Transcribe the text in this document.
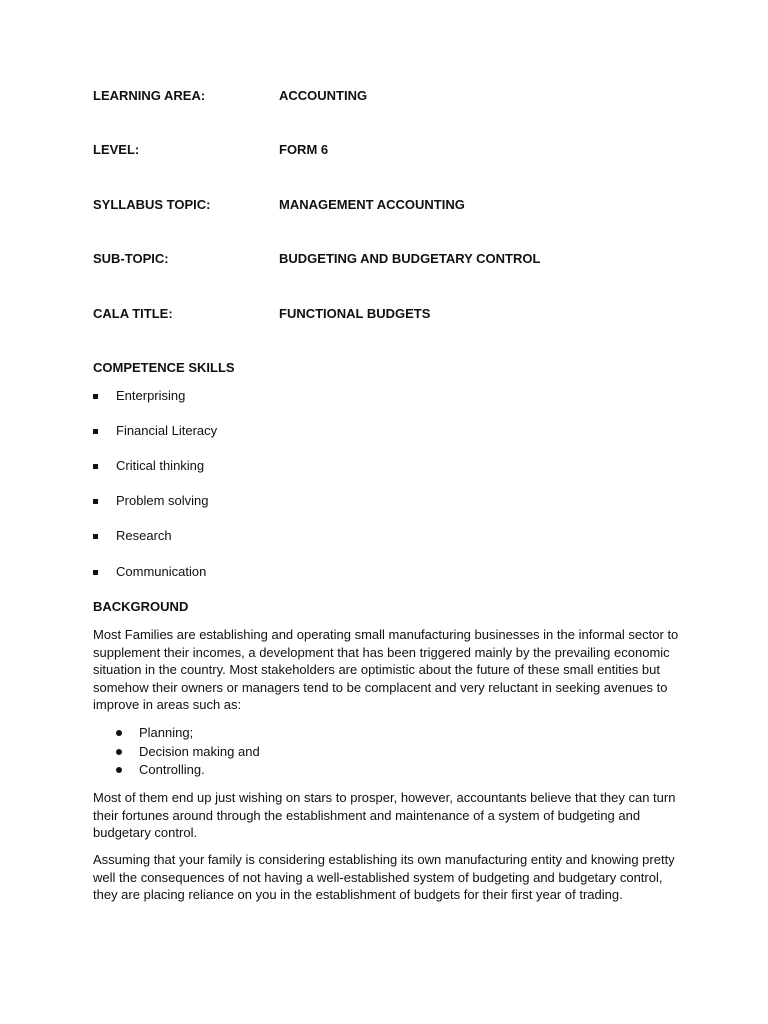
LEARNING AREA:	ACCOUNTING
LEVEL:	FORM 6
SYLLABUS TOPIC:	MANAGEMENT ACCOUNTING
SUB-TOPIC:	BUDGETING AND BUDGETARY CONTROL
CALA TITLE:	FUNCTIONAL BUDGETS
COMPETENCE SKILLS
Enterprising
Financial Literacy
Critical thinking
Problem solving
Research
Communication
BACKGROUND
Most Families are establishing and operating small manufacturing businesses in the informal sector to supplement their incomes, a development that has been triggered mainly by the prevailing economic situation in the country. Most stakeholders are optimistic about the future of these small entities but somehow their owners or managers tend to be complacent and very reluctant in seeking avenues to improve in areas such as:
Planning;
Decision making and
Controlling.
Most of them end up just wishing on stars to prosper, however, accountants believe that they can turn their fortunes around through the establishment and maintenance of a system of budgeting and budgetary control.
Assuming that your family is considering establishing its own manufacturing entity and knowing pretty well the consequences of not having a well-established system of budgeting and budgetary control, they are placing reliance on you in the establishment of budgets for their first year of trading.
